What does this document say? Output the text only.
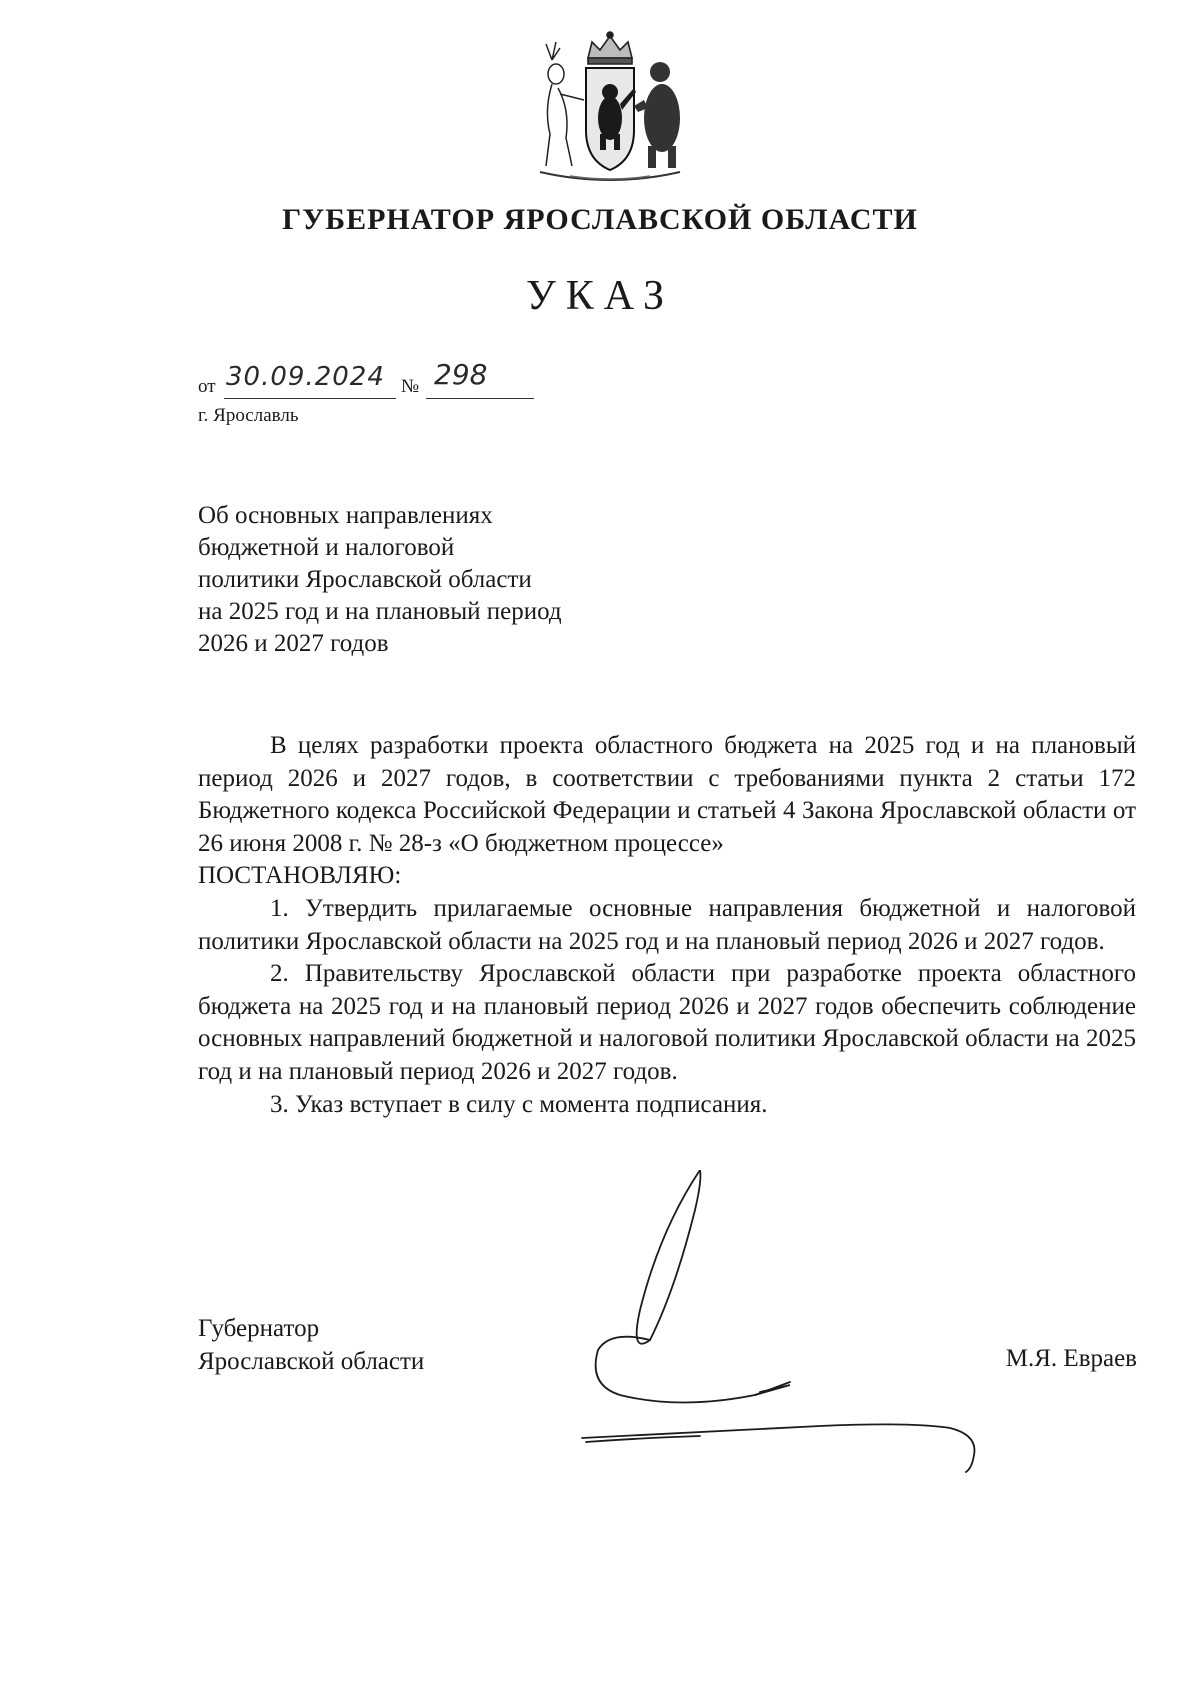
ГУБЕРНАТОР ЯРОСЛАВСКОЙ ОБЛАСТИ
УКАЗ
от 30.09.2024 № 298
г. Ярославль
Об основных направлениях
бюджетной и налоговой
политики Ярославской области
на 2025 год и на плановый период
2026 и 2027 годов

В целях разработки проекта областного бюджета на 2025 год и на плановый период 2026 и 2027 годов, в соответствии с требованиями пункта 2 статьи 172 Бюджетного кодекса Российской Федерации и статьей 4 Закона Ярославской области от 26 июня 2008 г. № 28-з «О бюджетном процессе»

ПОСТАНОВЛЯЮ:

1. Утвердить прилагаемые основные направления бюджетной и налоговой политики Ярославской области на 2025 год и на плановый период 2026 и 2027 годов.

2. Правительству Ярославской области при разработке проекта областного бюджета на 2025 год и на плановый период 2026 и 2027 годов обеспечить соблюдение основных направлений бюджетной и налоговой политики Ярославской области на 2025 год и на плановый период 2026 и 2027 годов.

3. Указ вступает в силу с момента подписания.

Губернатор
Ярославской области	М.Я. Евраев
